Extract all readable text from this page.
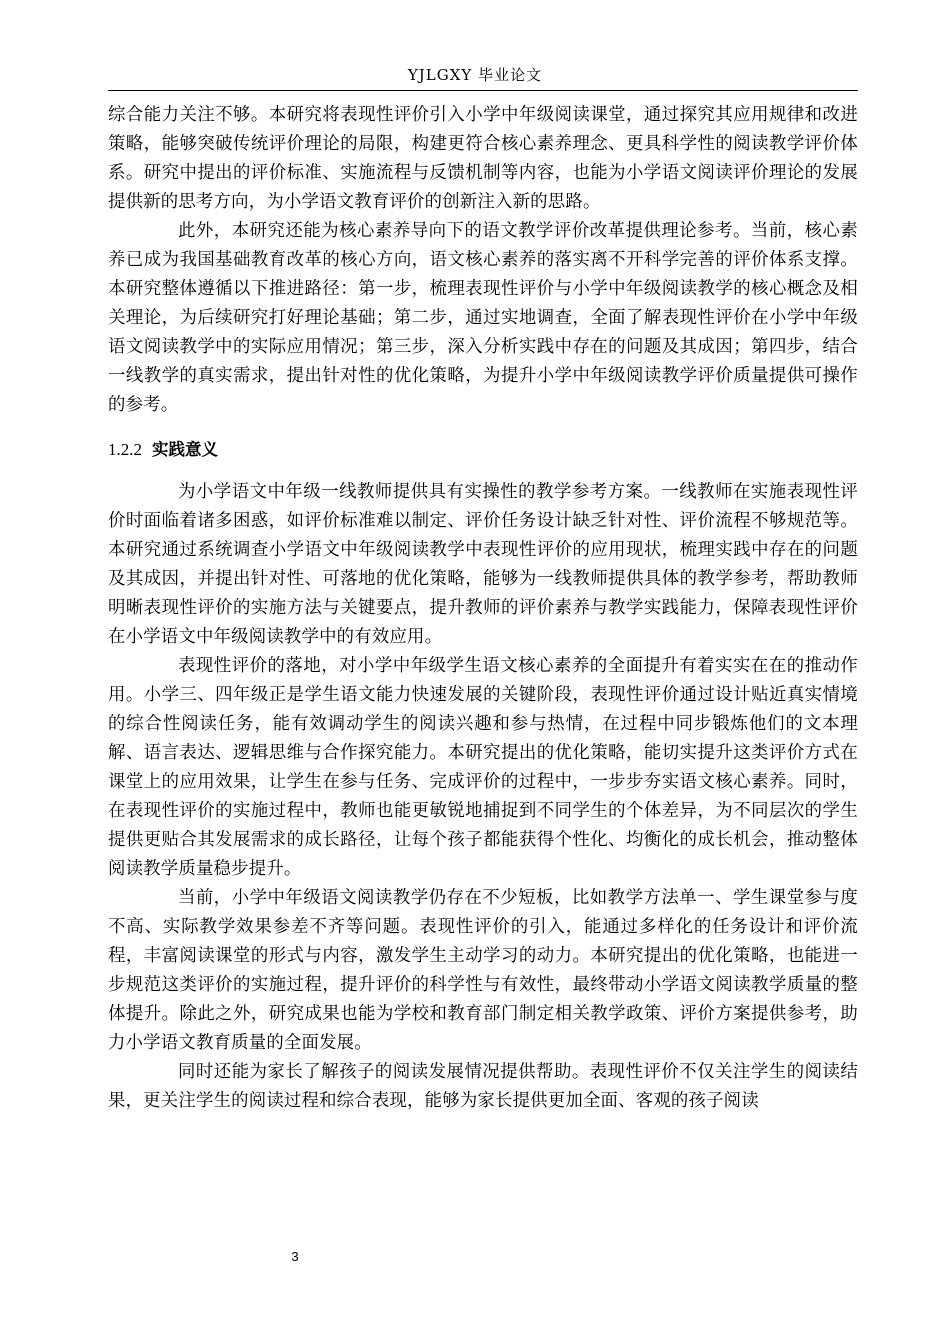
YJLGXY 毕业论文

综合能力关注不够。本研究将表现性评价引入小学中年级阅读课堂，通过探究其应用规律和改进策略，能够突破传统评价理论的局限，构建更符合核心素养理念、更具科学性的阅读教学评价体系。研究中提出的评价标准、实施流程与反馈机制等内容，也能为小学语文阅读评价理论的发展提供新的思考方向，为小学语文教育评价的创新注入新的思路。

此外，本研究还能为核心素养导向下的语文教学评价改革提供理论参考。当前，核心素养已成为我国基础教育改革的核心方向，语文核心素养的落实离不开科学完善的评价体系支撑。本研究整体遵循以下推进路径：第一步，梳理表现性评价与小学中年级阅读教学的核心概念及相关理论，为后续研究打好理论基础；第二步，通过实地调查，全面了解表现性评价在小学中年级语文阅读教学中的实际应用情况；第三步，深入分析实践中存在的问题及其成因；第四步，结合一线教学的真实需求，提出针对性的优化策略，为提升小学中年级阅读教学评价质量提供可操作的参考。

1.2.2 实践意义

为小学语文中年级一线教师提供具有实操性的教学参考方案。一线教师在实施表现性评价时面临着诸多困惑，如评价标准难以制定、评价任务设计缺乏针对性、评价流程不够规范等。本研究通过系统调查小学语文中年级阅读教学中表现性评价的应用现状，梳理实践中存在的问题及其成因，并提出针对性、可落地的优化策略，能够为一线教师提供具体的教学参考，帮助教师明晰表现性评价的实施方法与关键要点，提升教师的评价素养与教学实践能力，保障表现性评价在小学语文中年级阅读教学中的有效应用。

表现性评价的落地，对小学中年级学生语文核心素养的全面提升有着实实在在的推动作用。小学三、四年级正是学生语文能力快速发展的关键阶段，表现性评价通过设计贴近真实情境的综合性阅读任务，能有效调动学生的阅读兴趣和参与热情，在过程中同步锻炼他们的文本理解、语言表达、逻辑思维与合作探究能力。本研究提出的优化策略，能切实提升这类评价方式在课堂上的应用效果，让学生在参与任务、完成评价的过程中，一步步夯实语文核心素养。同时，在表现性评价的实施过程中，教师也能更敏锐地捕捉到不同学生的个体差异，为不同层次的学生提供更贴合其发展需求的成长路径，让每个孩子都能获得个性化、均衡化的成长机会，推动整体阅读教学质量稳步提升。

当前，小学中年级语文阅读教学仍存在不少短板，比如教学方法单一、学生课堂参与度不高、实际教学效果参差不齐等问题。表现性评价的引入，能通过多样化的任务设计和评价流程，丰富阅读课堂的形式与内容，激发学生主动学习的动力。本研究提出的优化策略，也能进一步规范这类评价的实施过程，提升评价的科学性与有效性，最终带动小学语文阅读教学质量的整体提升。除此之外，研究成果也能为学校和教育部门制定相关教学政策、评价方案提供参考，助力小学语文教育质量的全面发展。

同时还能为家长了解孩子的阅读发展情况提供帮助。表现性评价不仅关注学生的阅读结果，更关注学生的阅读过程和综合表现，能够为家长提供更加全面、客观的孩子阅读

3
